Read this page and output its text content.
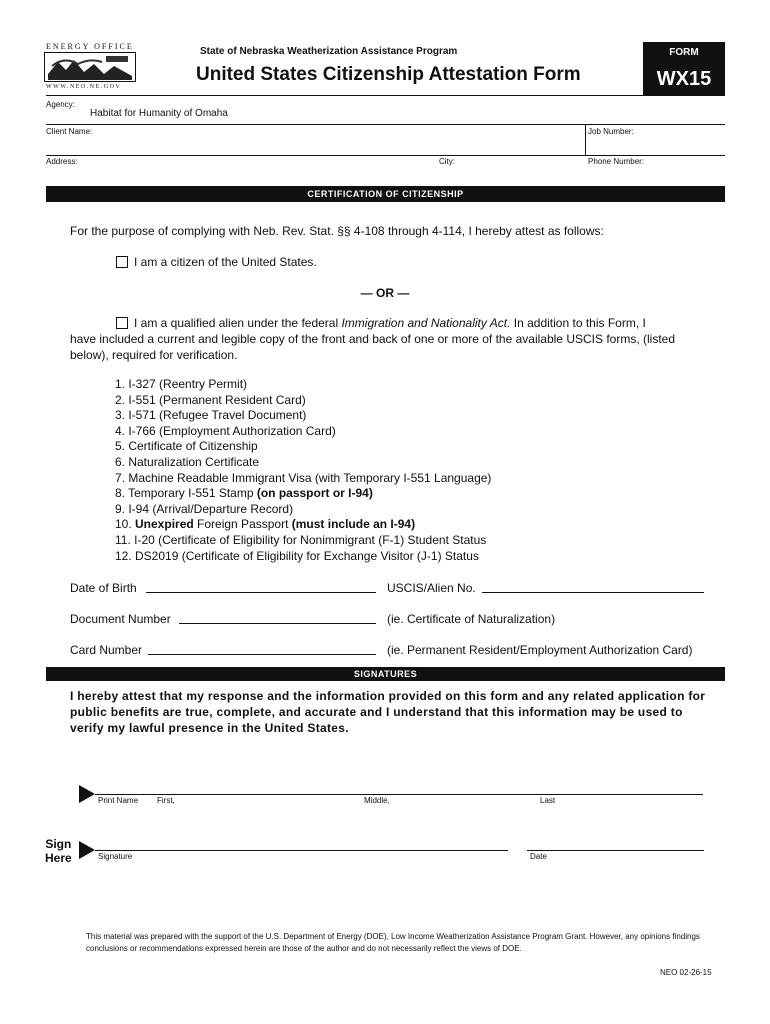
ENERGY OFFICE
WWW.NEO.NE.GOV
State of Nebraska Weatherization Assistance Program
United States Citizenship Attestation Form
FORM
WX15
Agency:
Habitat for Humanity of Omaha
Client Name:	Job Number:
Address:	City:	Phone Number:
CERTIFICATION OF CITIZENSHIP
For the purpose of complying with Neb. Rev. Stat. §§ 4-108 through 4-114, I hereby attest as follows:
I am a citizen of the United States.
— OR —
I am a qualified alien under the federal Immigration and Nationality Act. In addition to this Form, I
have included a current and legible copy of the front and back of one or more of the available USCIS forms, (listed
below), required for verification.
1. I-327 (Reentry Permit)
2. I-551 (Permanent Resident Card)
3. I-571 (Refugee Travel Document)
4. I-766 (Employment Authorization Card)
5. Certificate of Citizenship
6. Naturalization Certificate
7. Machine Readable Immigrant Visa (with Temporary I-551 Language)
8. Temporary I-551 Stamp (on passport or I-94)
9. I-94 (Arrival/Departure Record)
10. Unexpired Foreign Passport (must include an I-94)
11. I-20 (Certificate of Eligibility for Nonimmigrant (F-1) Student Status
12. DS2019 (Certificate of Eligibility for Exchange Visitor (J-1) Status
Date of Birth	USCIS/Alien No.
Document Number	(ie. Certificate of Naturalization)
Card Number	(ie. Permanent Resident/Employment Authorization Card)
SIGNATURES
I hereby attest that my response and the information provided on this form and any related application for public benefits are true, complete, and accurate and I understand that this information may be used to verify my lawful presence in the United States.
Print Name First,	Middle,	Last
Sign
Here	Signature	Date
This material was prepared with the support of the U.S. Department of Energy (DOE), Low Income Weatherization Assistance Program Grant. However, any opinions findings conclusions or recommendations expressed herein are those of the author and do not necessarily reflect the views of DOE.
NEO 02-26-15
